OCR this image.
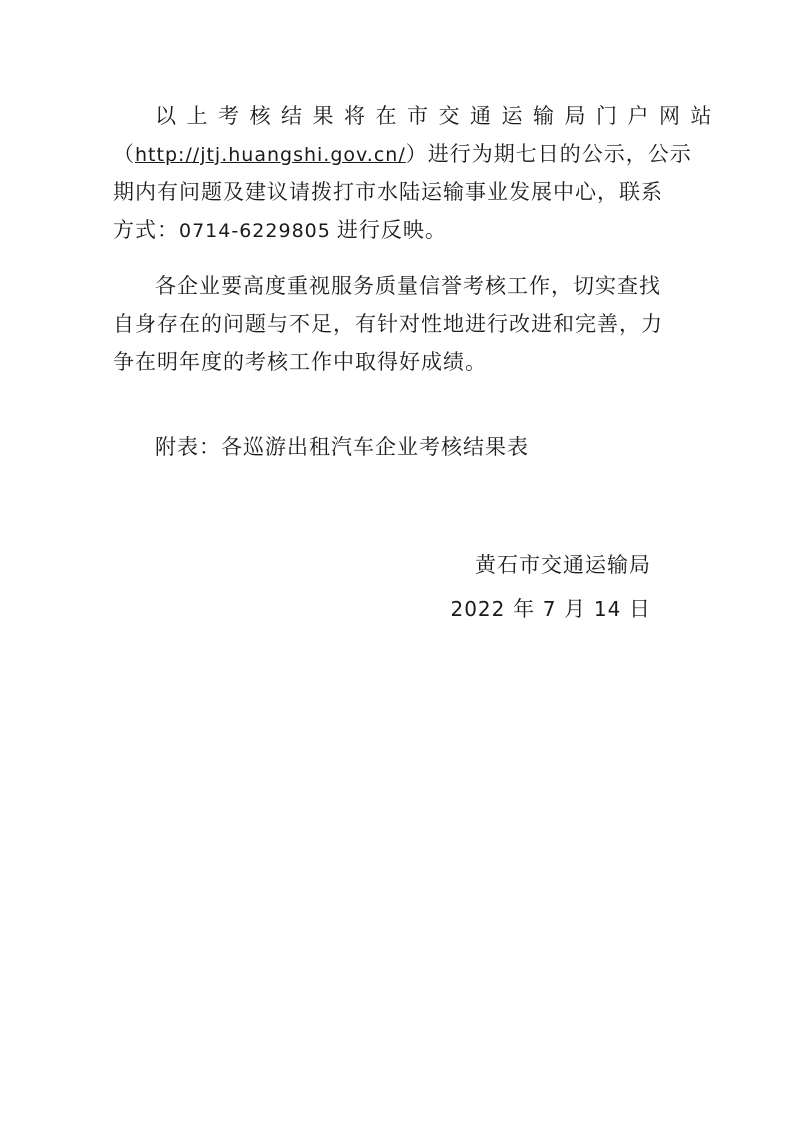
以上考核结果将在市交通运输局门户网站
（http://jtj.huangshi.gov.cn/）进行为期七日的公示，公示
期内有问题及建议请拨打市水陆运输事业发展中心，联系
方式：0714-6229805 进行反映。
各企业要高度重视服务质量信誉考核工作，切实查找
自身存在的问题与不足，有针对性地进行改进和完善，力
争在明年度的考核工作中取得好成绩。
附表：各巡游出租汽车企业考核结果表
黄石市交通运输局
2022 年 7 月 14 日
